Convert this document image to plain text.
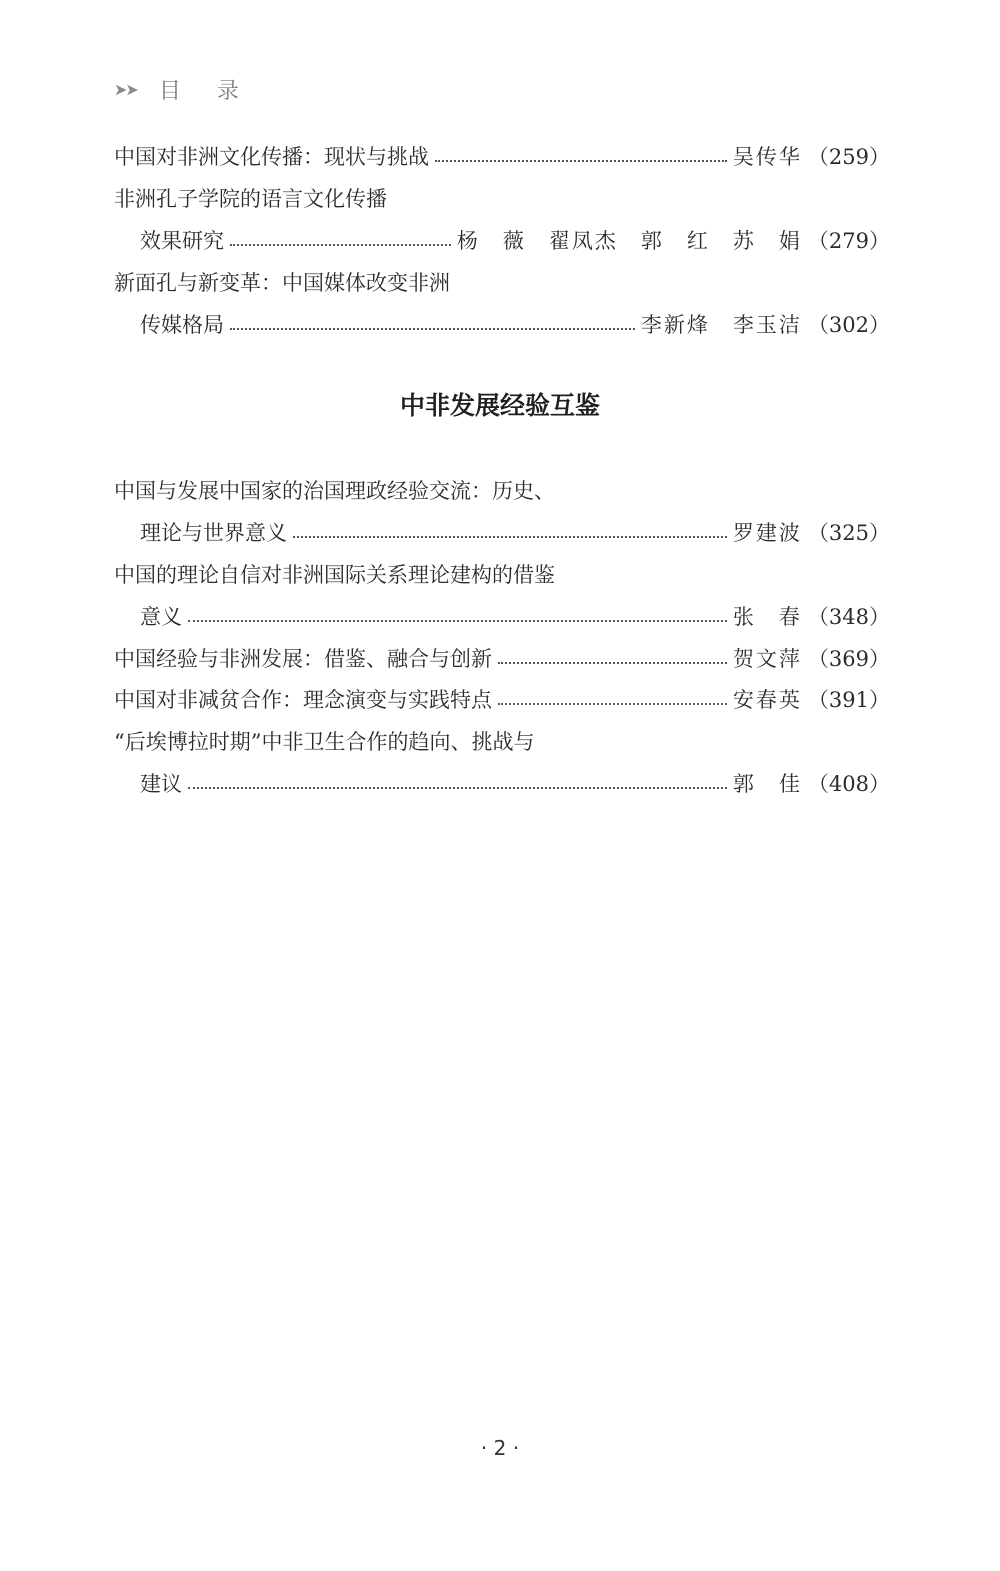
➤➤ 目 录
中国对非洲文化传播：现状与挑战	吴传华 （259）
非洲孔子学院的语言文化传播
效果研究	杨　薇　翟凤杰　郭　红　苏　娟 （279）
新面孔与新变革：中国媒体改变非洲
传媒格局	李新烽　李玉洁 （302）
中非发展经验互鉴
中国与发展中国家的治国理政经验交流：历史、
理论与世界意义	罗建波 （325）
中国的理论自信对非洲国际关系理论建构的借鉴
意义	张　春 （348）
中国经验与非洲发展：借鉴、融合与创新	贺文萍 （369）
中国对非减贫合作：理念演变与实践特点	安春英 （391）
“后埃博拉时期”中非卫生合作的趋向、挑战与
建议	郭　佳 （408）
· 2 ·
